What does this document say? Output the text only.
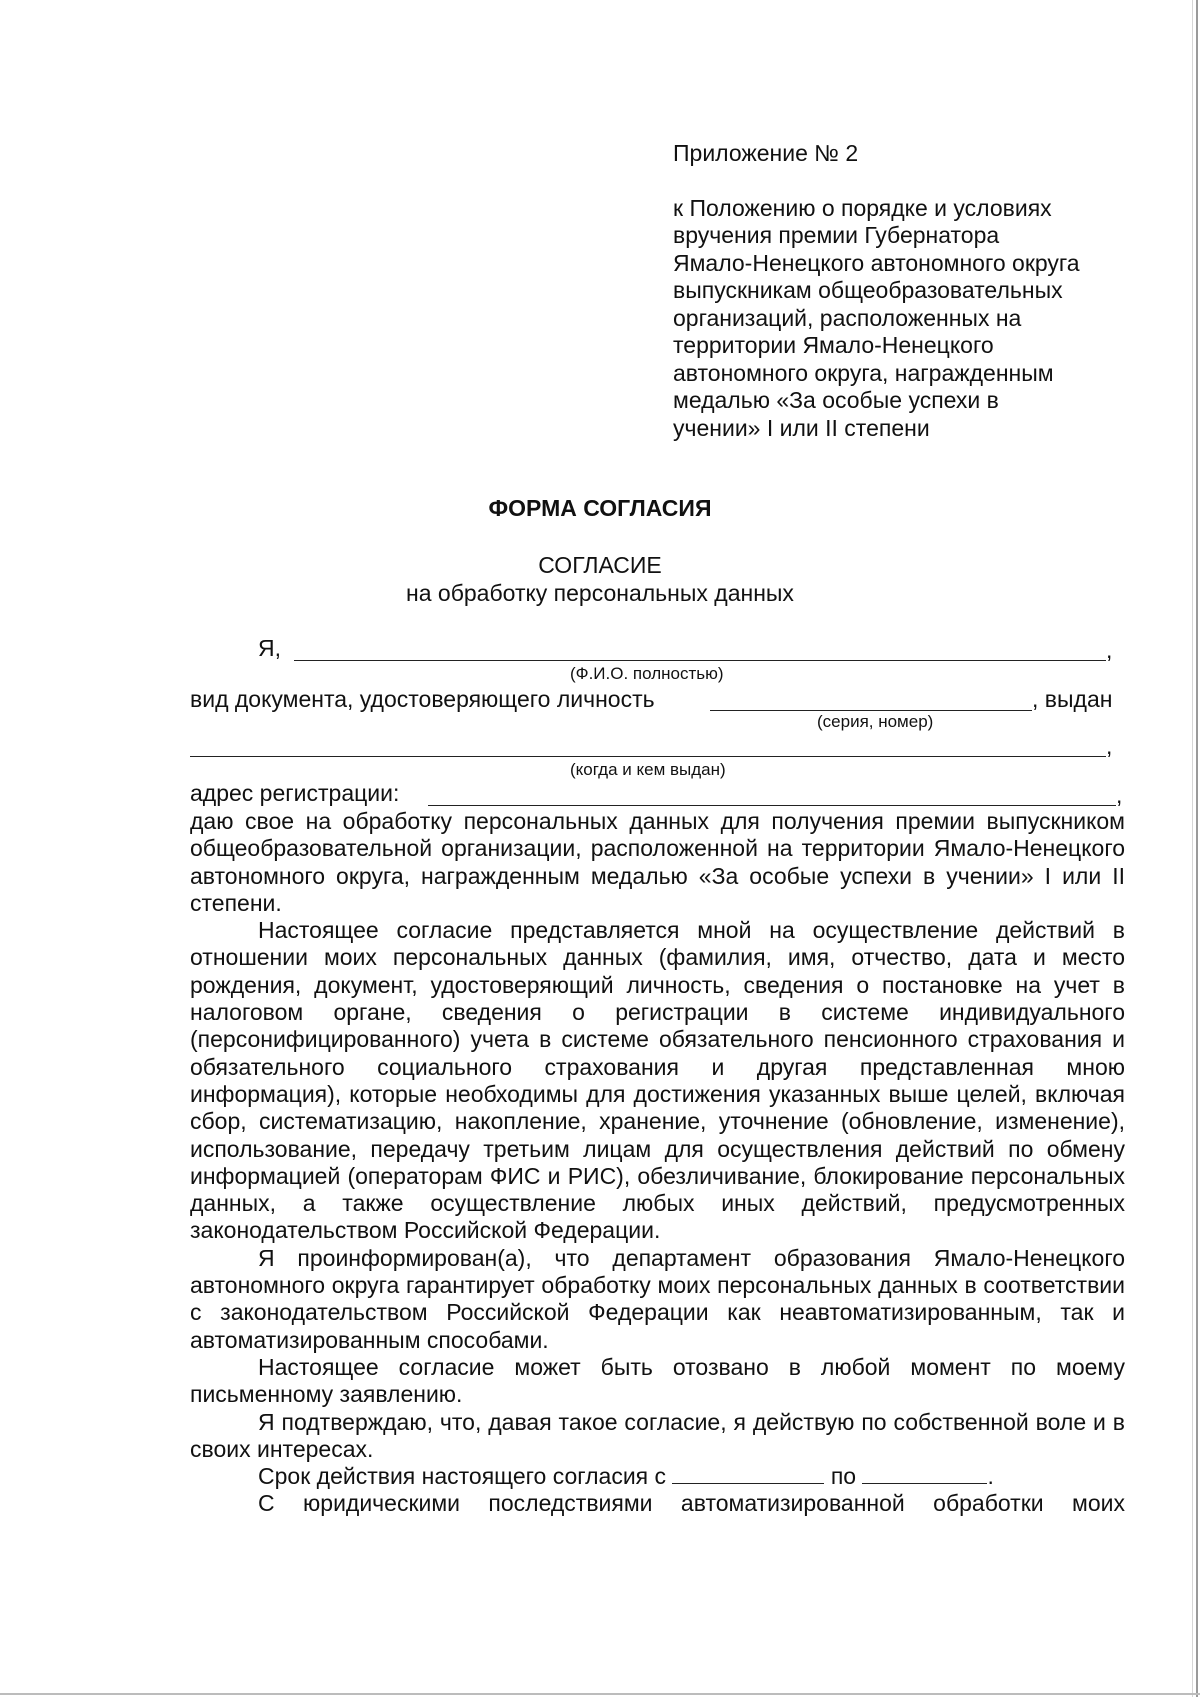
Приложение № 2
к Положению о порядке и условиях
вручения премии Губернатора
Ямало-Ненецкого автономного округа
выпускникам общеобразовательных
организаций, расположенных на
территории Ямало-Ненецкого
автономного округа, награжденным
медалью «За особые успехи в
учении» I или II степени
ФОРМА СОГЛАСИЯ
СОГЛАСИЕ
на обработку персональных данных
Я,	,
(Ф.И.О. полностью)
вид документа, удостоверяющего личность	, выдан
(серия, номер)
,
(когда и кем выдан)
адрес регистрации:	,

даю свое на обработку персональных данных для получения премии выпускником общеобразовательной организации, расположенной на территории Ямало-Ненецкого автономного округа, награжденным медалью «За особые успехи в учении» I или II степени.

Настоящее согласие представляется мной на осуществление действий в отношении моих персональных данных (фамилия, имя, отчество, дата и место рождения, документ, удостоверяющий личность, сведения о постановке на учет в налоговом органе, сведения о регистрации в системе индивидуального (персонифицированного) учета в системе обязательного пенсионного страхования и обязательного социального страхования и другая представленная мною информация), которые необходимы для достижения указанных выше целей, включая сбор, систематизацию, накопление, хранение, уточнение (обновление, изменение), использование, передачу третьим лицам для осуществления действий по обмену информацией (операторам ФИС и РИС), обезличивание, блокирование персональных данных, а также осуществление любых иных действий, предусмотренных законодательством Российской Федерации.

Я проинформирован(а), что департамент образования Ямало-Ненецкого автономного округа гарантирует обработку моих персональных данных в соответствии с законодательством Российской Федерации как неавтоматизированным, так и автоматизированным способами.

Настоящее согласие может быть отозвано в любой момент по моему письменному заявлению.

Я подтверждаю, что, давая такое согласие, я действую по собственной воле и в своих интересах.

Срок действия настоящего согласия с	по	.

С юридическими последствиями автоматизированной обработки моих
